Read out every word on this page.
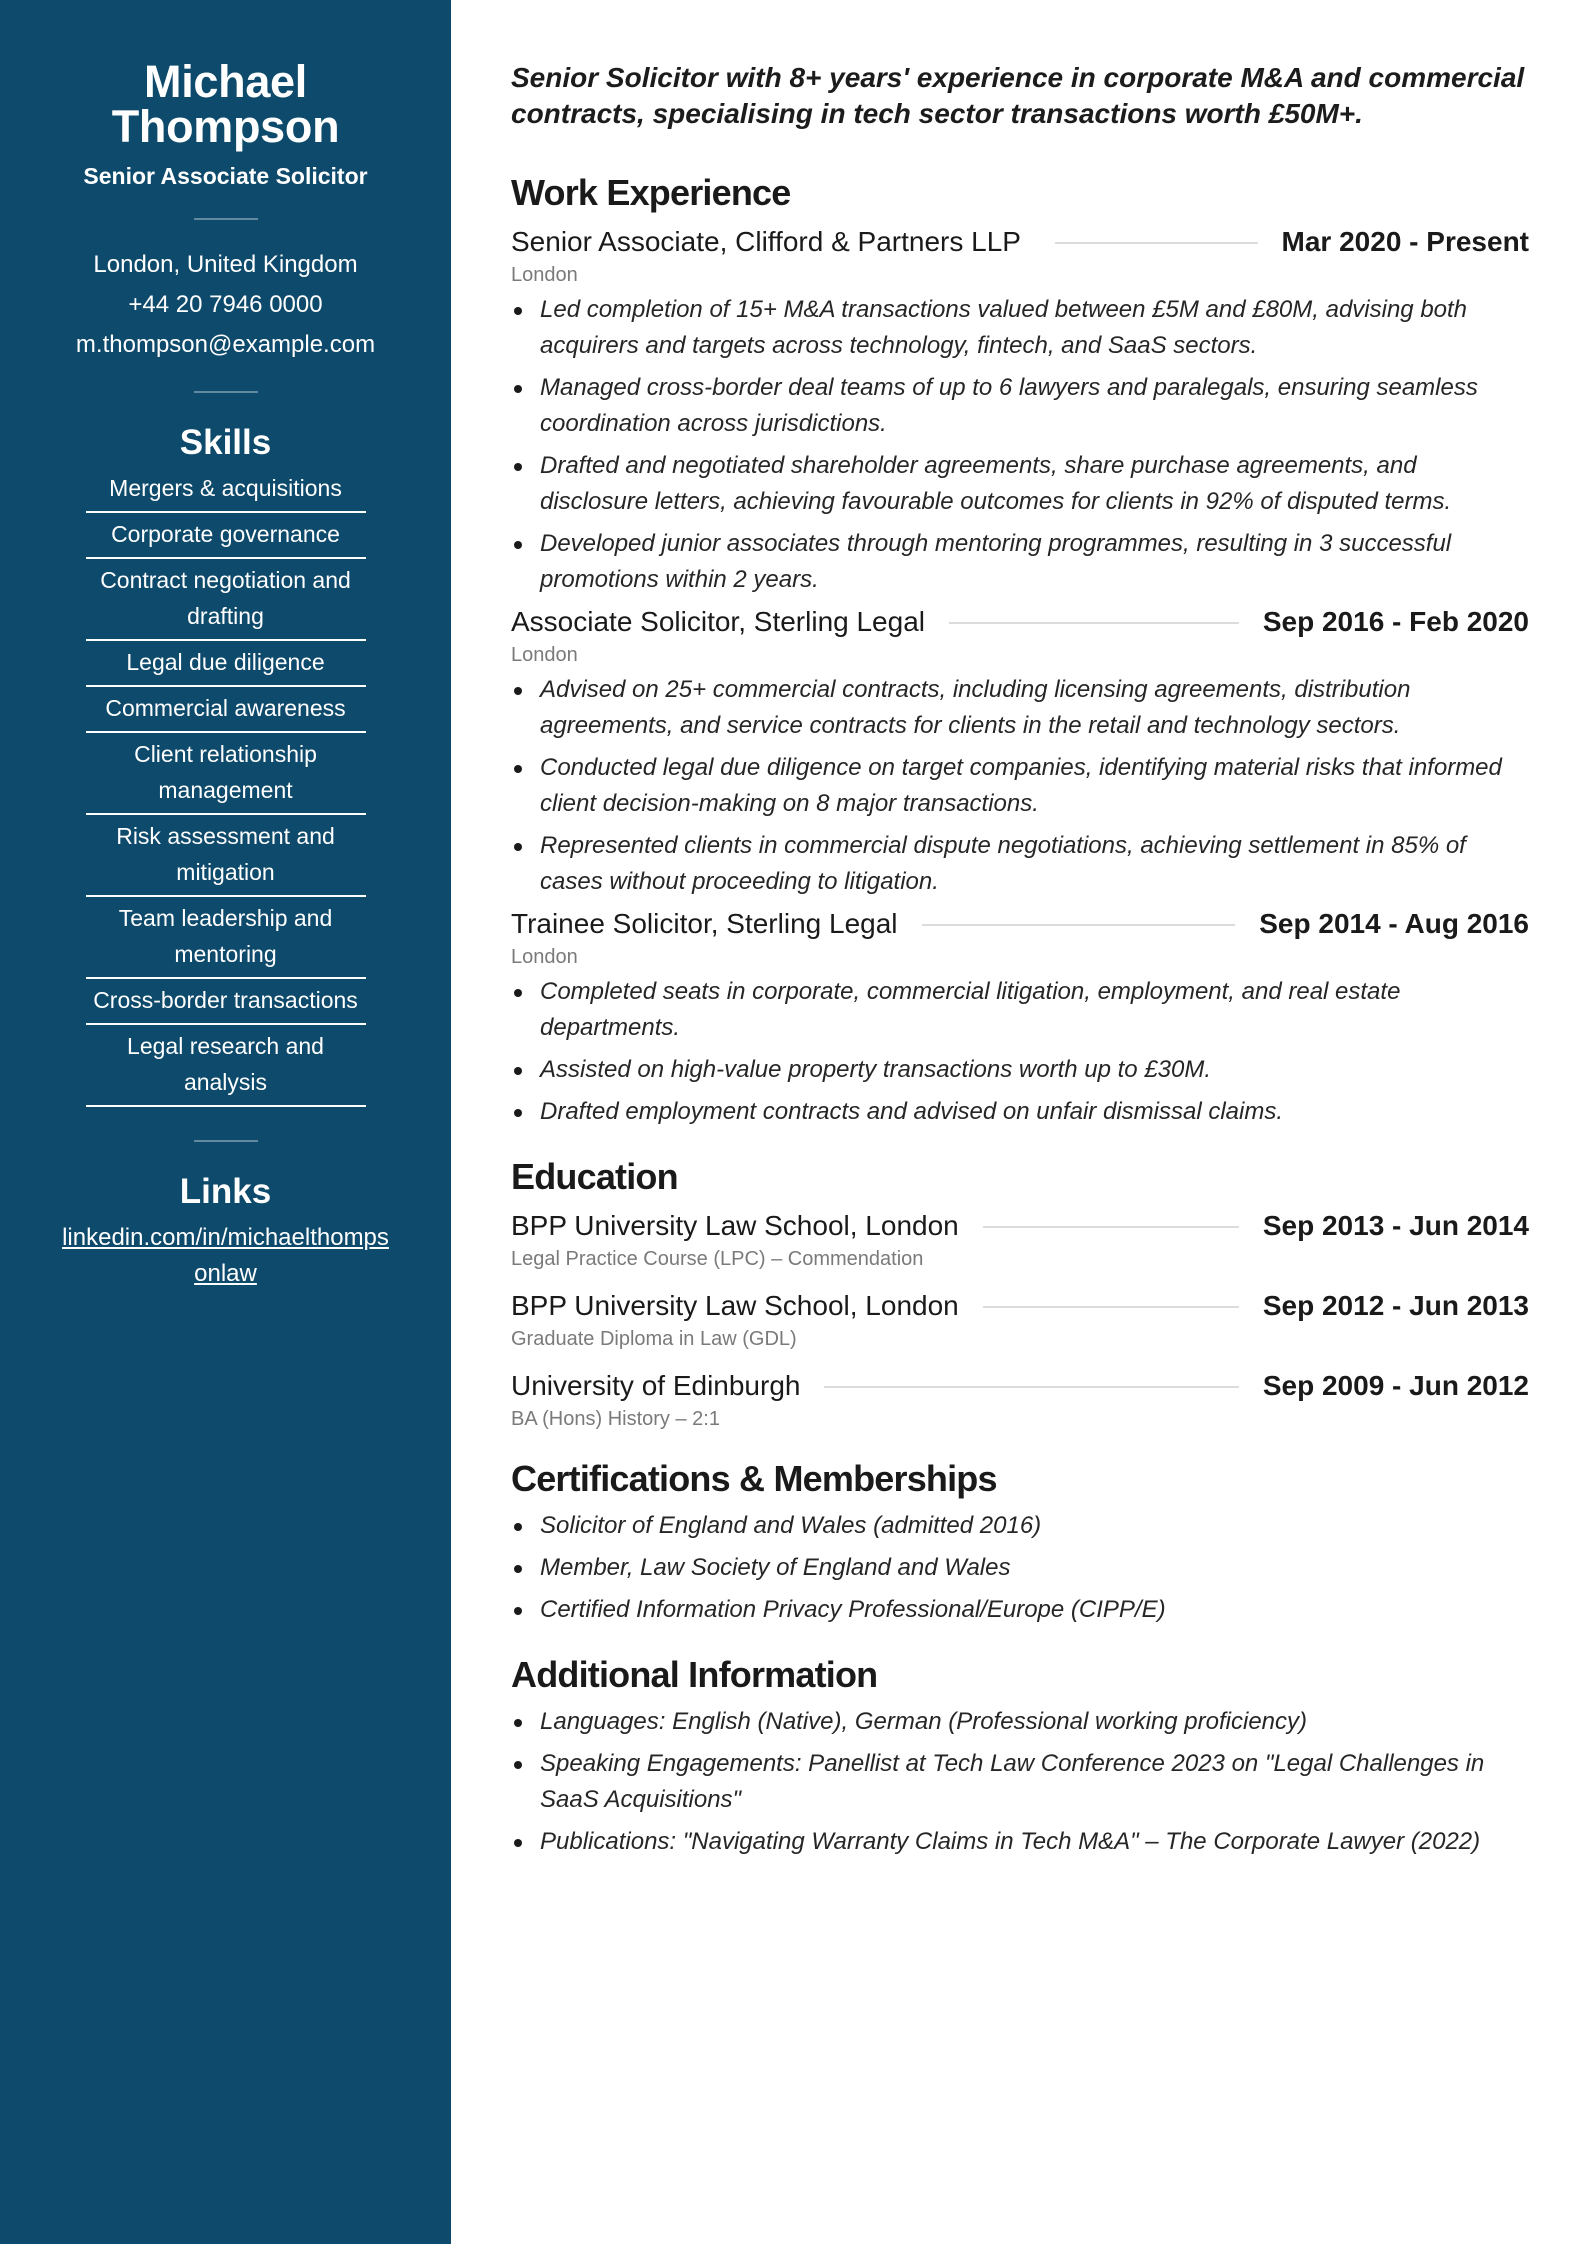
Michael
Thompson
Senior Associate Solicitor
London, United Kingdom
+44 20 7946 0000
m.thompson@example.com
Skills
Mergers & acquisitions
Corporate governance
Contract negotiation and drafting
Legal due diligence
Commercial awareness
Client relationship management
Risk assessment and mitigation
Team leadership and mentoring
Cross-border transactions
Legal research and analysis
Links
linkedin.com/in/michaelthompsonlaw

Senior Solicitor with 8+ years' experience in corporate M&A and commercial contracts, specialising in tech sector transactions worth £50M+.

Work Experience
Senior Associate, Clifford & Partners LLP	Mar 2020 - Present
London
Led completion of 15+ M&A transactions valued between £5M and £80M, advising both acquirers and targets across technology, fintech, and SaaS sectors.
Managed cross-border deal teams of up to 6 lawyers and paralegals, ensuring seamless coordination across jurisdictions.
Drafted and negotiated shareholder agreements, share purchase agreements, and disclosure letters, achieving favourable outcomes for clients in 92% of disputed terms.
Developed junior associates through mentoring programmes, resulting in 3 successful promotions within 2 years.
Associate Solicitor, Sterling Legal	Sep 2016 - Feb 2020
London
Advised on 25+ commercial contracts, including licensing agreements, distribution agreements, and service contracts for clients in the retail and technology sectors.
Conducted legal due diligence on target companies, identifying material risks that informed client decision-making on 8 major transactions.
Represented clients in commercial dispute negotiations, achieving settlement in 85% of cases without proceeding to litigation.
Trainee Solicitor, Sterling Legal	Sep 2014 - Aug 2016
London
Completed seats in corporate, commercial litigation, employment, and real estate departments.
Assisted on high-value property transactions worth up to £30M.
Drafted employment contracts and advised on unfair dismissal claims.
Education
BPP University Law School, London	Sep 2013 - Jun 2014
Legal Practice Course (LPC) – Commendation
BPP University Law School, London	Sep 2012 - Jun 2013
Graduate Diploma in Law (GDL)
University of Edinburgh	Sep 2009 - Jun 2012
BA (Hons) History – 2:1
Certifications & Memberships
Solicitor of England and Wales (admitted 2016)
Member, Law Society of England and Wales
Certified Information Privacy Professional/Europe (CIPP/E)
Additional Information
Languages: English (Native), German (Professional working proficiency)
Speaking Engagements: Panellist at Tech Law Conference 2023 on "Legal Challenges in SaaS Acquisitions"
Publications: "Navigating Warranty Claims in Tech M&A" – The Corporate Lawyer (2022)
